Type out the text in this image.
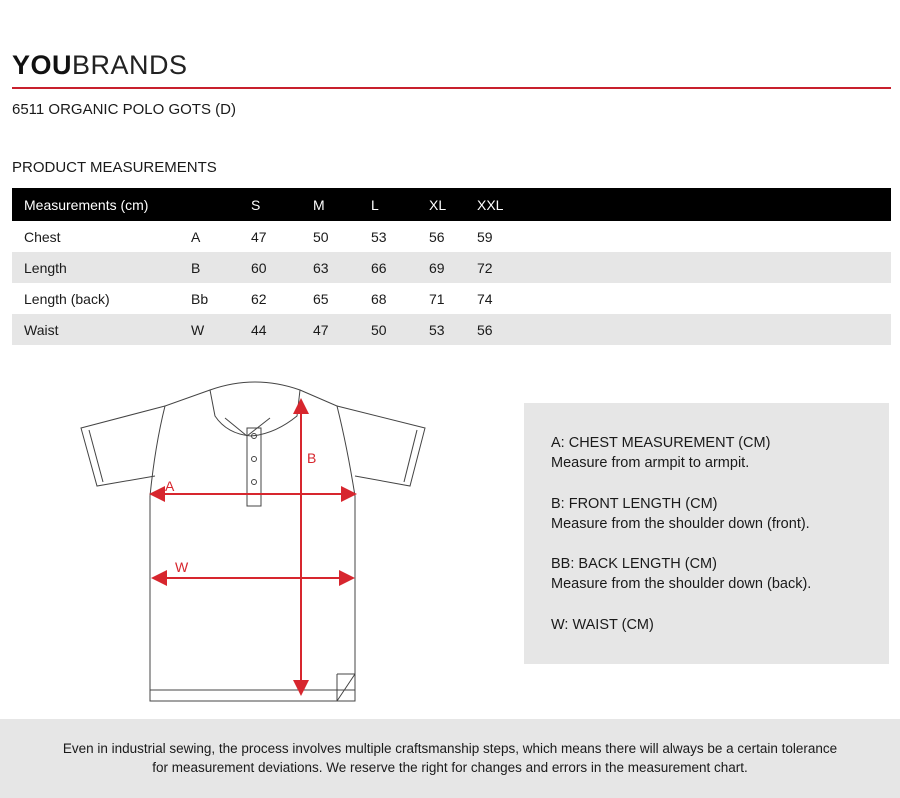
YOUBRANDS
6511 ORGANIC POLO GOTS (D)
PRODUCT MEASUREMENTS
Measurements (cm)		S	M	L	XL	XXL
Chest	A	47	50	53	56	59
Length	B	60	63	66	69	72
Length (back)	Bb	62	65	68	71	74
Waist	W	44	47	50	53	56
A
B
W
A: CHEST MEASUREMENT (CM)
Measure from armpit to armpit.
B: FRONT LENGTH (CM)
Measure from the shoulder down (front).
BB: BACK LENGTH (CM)
Measure from the shoulder down (back).
W: WAIST (CM)

Even in industrial sewing, the process involves multiple craftsmanship steps, which means there will always be a certain tolerance
for measurement deviations. We reserve the right for changes and errors in the measurement chart.
